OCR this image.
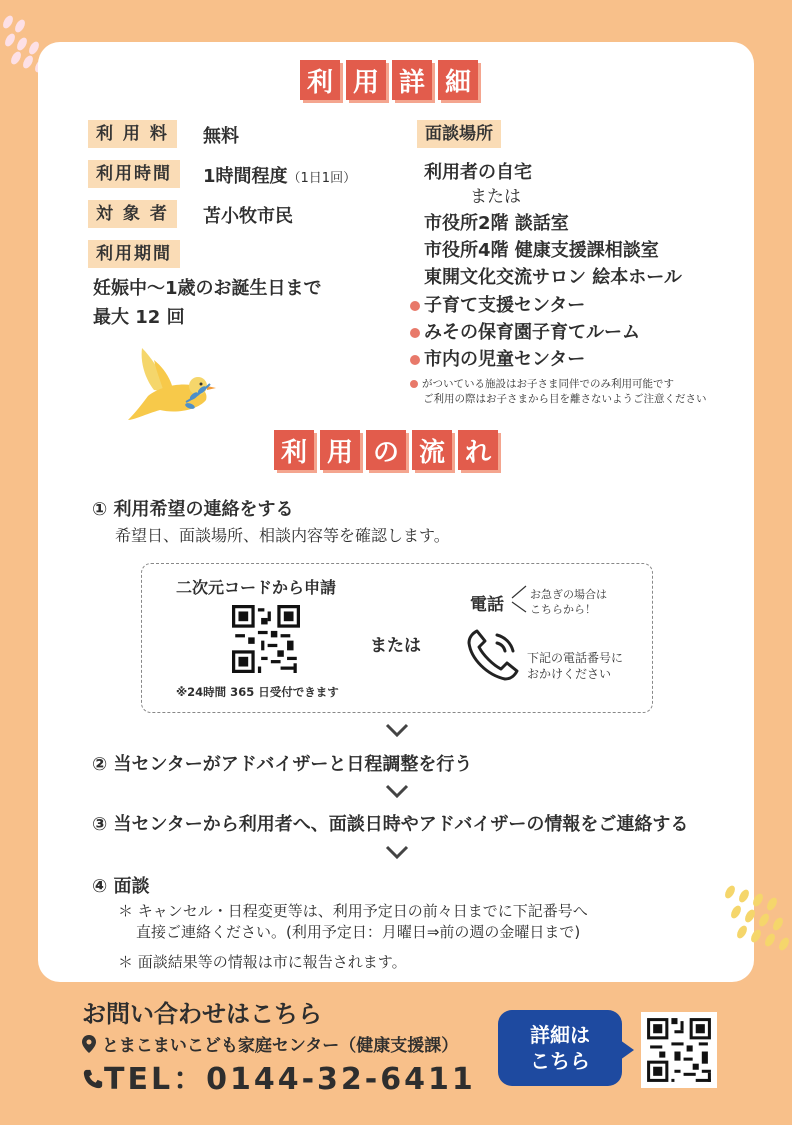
利 用 詳 細
利 用 料	無料
利用時間	1時間程度（1日1回）
対 象 者	苫小牧市民
利用期間
妊娠中〜1歳のお誕生日まで
最大 12 回
面談場所
利用者の自宅
または
市役所2階 談話室
市役所4階 健康支援課相談室
東開文化交流サロン 絵本ホール
子育て支援センター
みその保育園子育てルーム
市内の児童センター
がついている施設はお子さま同伴でのみ利用可能です
ご利用の際はお子さまから目を離さないようご注意ください
利 用 の 流 れ
① 利用希望の連絡をする
希望日、面談場所、相談内容等を確認します。
二次元コードから申請
※24時間 365 日受付できます
または
電話
お急ぎの場合は
こちらから！
下記の電話番号に
おかけください
② 当センターがアドバイザーと日程調整を行う
③ 当センターから利用者へ、面談日時やアドバイザーの情報をご連絡する
④ 面談
＊ キャンセル・日程変更等は、利用予定日の前々日までに下記番号へ
直接ご連絡ください。(利用予定日：月曜日⇒前の週の金曜日まで)
＊ 面談結果等の情報は市に報告されます。
お問い合わせはこちら
とまこまいこども家庭センター（健康支援課）
TEL：0144-32-6411
詳細は
こちら
